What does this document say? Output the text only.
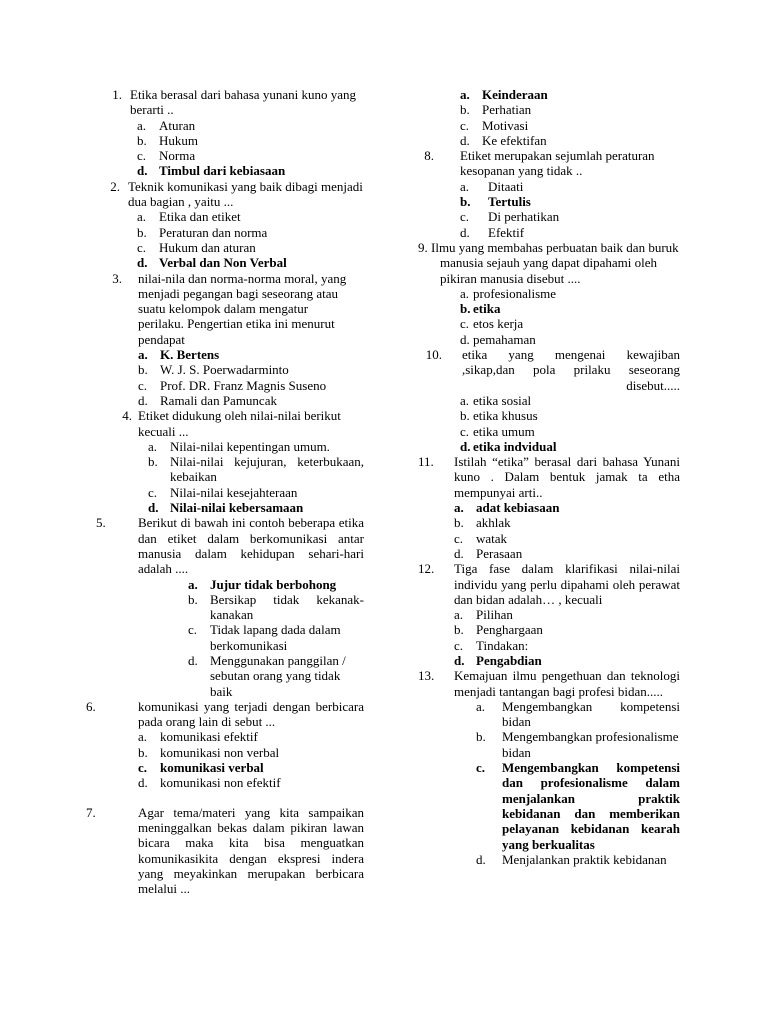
1. Etika berasal dari bahasa yunani kuno yang berarti ..
a. Aturan
b. Hukum
c. Norma
d. Timbul dari kebiasaan
2. Teknik komunikasi yang baik dibagi menjadi dua bagian , yaitu ...
a. Etika dan etiket
b. Peraturan dan norma
c. Hukum dan aturan
d. Verbal dan Non Verbal
3. nilai-nila dan norma-norma moral, yang menjadi pegangan bagi seseorang atau suatu kelompok dalam mengatur perilaku. Pengertian etika ini menurut pendapat
a. K. Bertens
b. W. J. S. Poerwadarminto
c. Prof. DR. Franz Magnis Suseno
d. Ramali dan Pamuncak
4. Etiket didukung oleh nilai-nilai berikut kecuali ...
a. Nilai-nilai kepentingan umum.
b. Nilai-nilai kejujuran, keterbukaan, kebaikan
c. Nilai-nilai kesejahteraan
d. Nilai-nilai kebersamaan
5.	Berikut di bawah ini contoh beberapa etika dan etiket dalam berkomunikasi antar manusia dalam kehidupan sehari-hari adalah ....
a. Jujur tidak berbohong
b. Bersikap tidak kekanak-kanakan
c. Tidak lapang dada dalam berkomunikasi
d. Menggunakan panggilan / sebutan orang yang tidak baik
6.	komunikasi yang terjadi dengan berbicara pada orang lain di sebut ...
a. komunikasi efektif
b. komunikasi non verbal
c. komunikasi verbal
d. komunikasi non efektif
7.	Agar tema/materi yang kita sampaikan meninggalkan bekas dalam pikiran lawan bicara maka kita bisa menguatkan komunikasikita dengan ekspresi indera yang meyakinkan merupakan berbicara melalui ...
a. Keinderaan
b. Perhatian
c. Motivasi
d. Ke efektifan
8. Etiket merupakan sejumlah peraturan kesopanan yang tidak ..
a. Ditaati
b. Tertulis
c. Di perhatikan
d. Efektif
9. Ilmu yang membahas perbuatan baik dan buruk manusia sejauh yang dapat dipahami oleh pikiran manusia disebut ....
a. profesionalisme
b. etika
c. etos kerja
d. pemahaman
10. etika yang mengenai kewajiban ,sikap,dan pola prilaku seseorang disebut.....
a. etika sosial
b. etika khusus
c. etika umum
d. etika indvidual
11.	Istilah “etika” berasal dari bahasa Yunani kuno . Dalam bentuk jamak ta etha mempunyai arti..
a. adat kebiasaan
b. akhlak
c. watak
d. Perasaan
12.	Tiga fase dalam klarifikasi nilai-nilai individu yang perlu dipahami oleh perawat dan bidan adalah… , kecuali
a. Pilihan
b. Penghargaan
c. Tindakan:
d. Pengabdian
13.	Kemajuan ilmu pengethuan dan teknologi menjadi tantangan bagi profesi bidan.....
a. Mengembangkan kompetensi bidan
b. Mengembangkan profesionalisme bidan
c. Mengembangkan kompetensi dan profesionalisme dalam menjalankan praktik kebidanan dan memberikan pelayanan kebidanan kearah yang berkualitas
d. Menjalankan praktik kebidanan
